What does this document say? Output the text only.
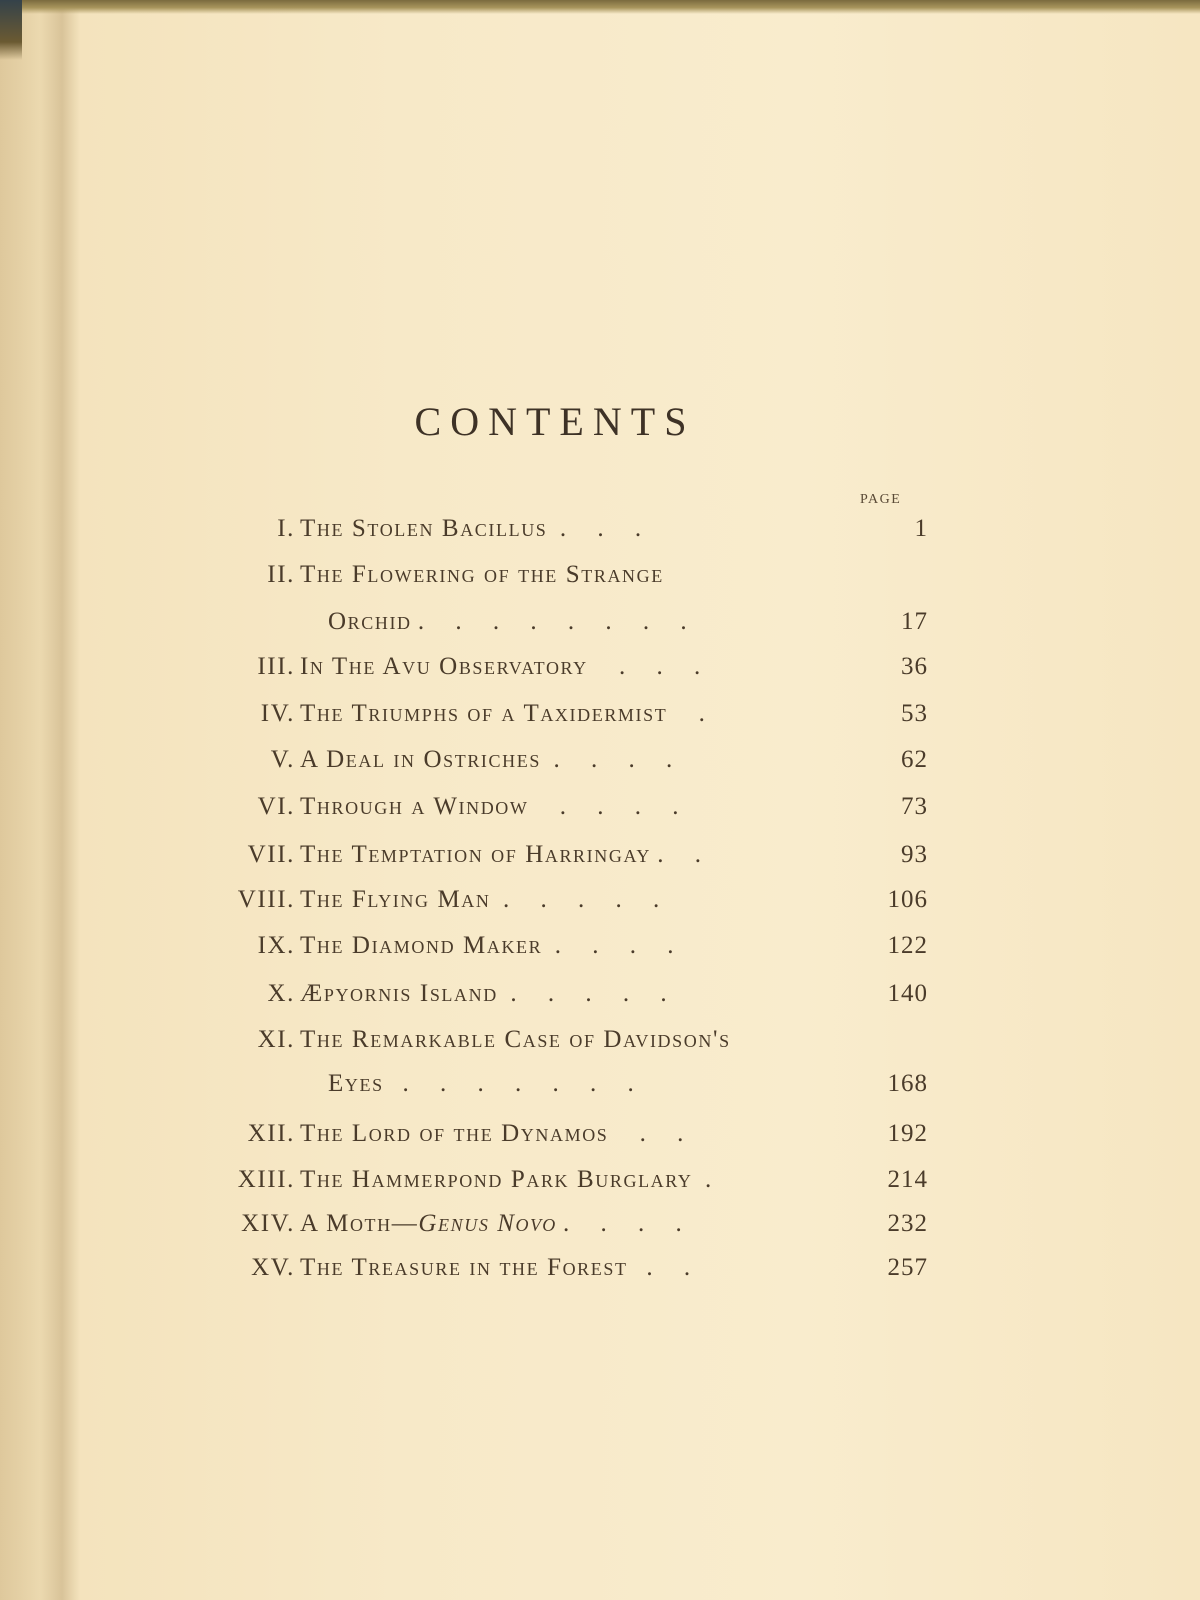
CONTENTS
PAGE
I. The Stolen Bacillus  .     .     .	1
II. The Flowering of the Strange
Orchid .     .     .     .     .     .     .     .	17
III. In The Avu Observatory     .     .     .	36
IV. The Triumphs of a Taxidermist     .	53
V. A Deal in Ostriches  .     .     .     .	62
VI. Through a Window     .     .     .     .	73
VII. The Temptation of Harringay .     .	93
VIII. The Flying Man  .     .     .     .     .	106
IX. The Diamond Maker  .     .     .     .	122
X. Æpyornis Island  .     .     .     .     .	140
XI. The Remarkable Case of Davidson's
Eyes   .     .     .     .     .     .     .	168
XII. The Lord of the Dynamos     .     .	192
XIII. The Hammerpond Park Burglary  .	214
XIV. A Moth—Genus Novo .     .     .     .	232
XV. The Treasure in the Forest   .     .	257
